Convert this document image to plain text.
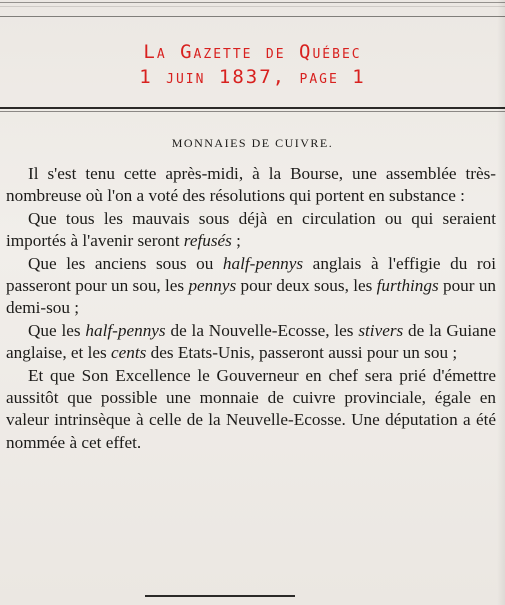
La Gazette de Québec
1 juin 1837, page 1
MONNAIES DE CUIVRE.

Il s'est tenu cette après-midi, à la Bourse, une assemblée très-nombreuse où l'on a voté des résolutions qui portent en substance :

Que tous les mauvais sous déjà en circulation ou qui seraient importés à l'avenir seront refusés ;

Que les anciens sous ou half-pennys anglais à l'effigie du roi passeront pour un sou, les pennys pour deux sous, les furthings pour un demi-sou ;

Que les half-pennys de la Nouvelle-Ecosse, les stivers de la Guiane anglaise, et les cents des Etats-Unis, passeront aussi pour un sou ;

Et que Son Excellence le Gouverneur en chef sera prié d'émettre aussitôt que possible une monnaie de cuivre provinciale, égale en valeur intrinsèque à celle de la Neuvelle-Ecosse. Une députation a été nommée à cet effet.
